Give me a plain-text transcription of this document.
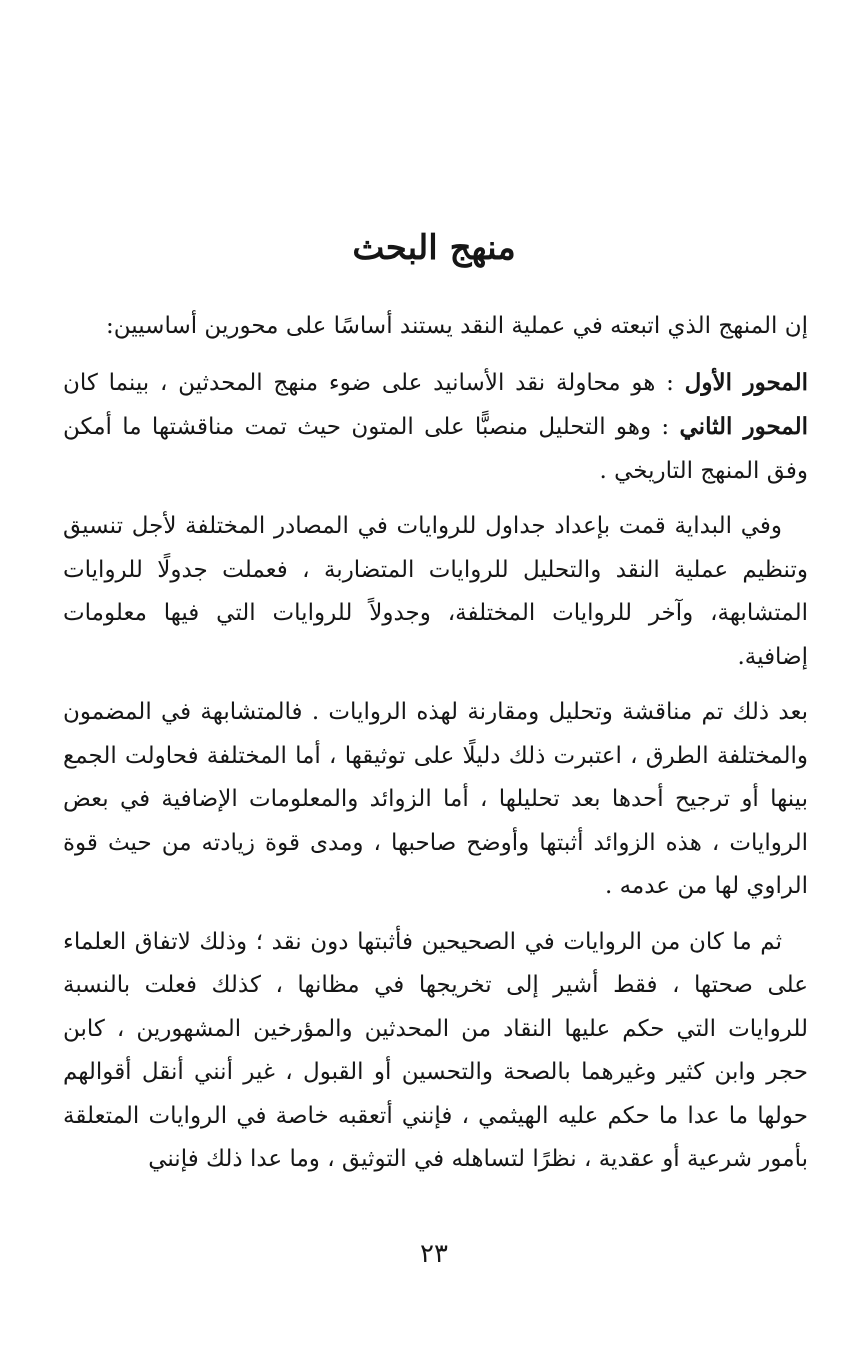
منهج البحث

إن المنهج الذي اتبعته في عملية النقد يستند أساسًا على محورين أساسيين:

المحور الأول : هو محاولة نقد الأسانيد على ضوء منهج المحدثين ، بينما كان المحور الثاني : وهو التحليل منصبًّا على المتون حيث تمت مناقشتها ما أمكن وفق المنهج التاريخي .

وفي البداية قمت بإعداد جداول للروايات في المصادر المختلفة لأجل تنسيق وتنظيم عملية النقد والتحليل للروايات المتضاربة ، فعملت جدولًا للروايات المتشابهة، وآخر للروايات المختلفة، وجدولاً للروايات التي فيها معلومات إضافية.

بعد ذلك تم مناقشة وتحليل ومقارنة لهذه الروايات . فالمتشابهة في المضمون والمختلفة الطرق ، اعتبرت ذلك دليلًا على توثيقها ، أما المختلفة فحاولت الجمع بينها أو ترجيح أحدها بعد تحليلها ، أما الزوائد والمعلومات الإضافية في بعض الروايات ، هذه الزوائد أثبتها وأوضح صاحبها ، ومدى قوة زيادته من حيث قوة الراوي لها من عدمه .

ثم ما كان من الروايات في الصحيحين فأثبتها دون نقد ؛ وذلك لاتفاق العلماء على صحتها ، فقط أشير إلى تخريجها في مظانها ، كذلك فعلت بالنسبة للروايات التي حكم عليها النقاد من المحدثين والمؤرخين المشهورين ، كابن حجر وابن كثير وغيرهما بالصحة والتحسين أو القبول ، غير أنني أنقل أقوالهم حولها ما عدا ما حكم عليه الهيثمي ، فإنني أتعقبه خاصة في الروايات المتعلقة بأمور شرعية أو عقدية ، نظرًا لتساهله في التوثيق ، وما عدا ذلك فإنني

٢٣
